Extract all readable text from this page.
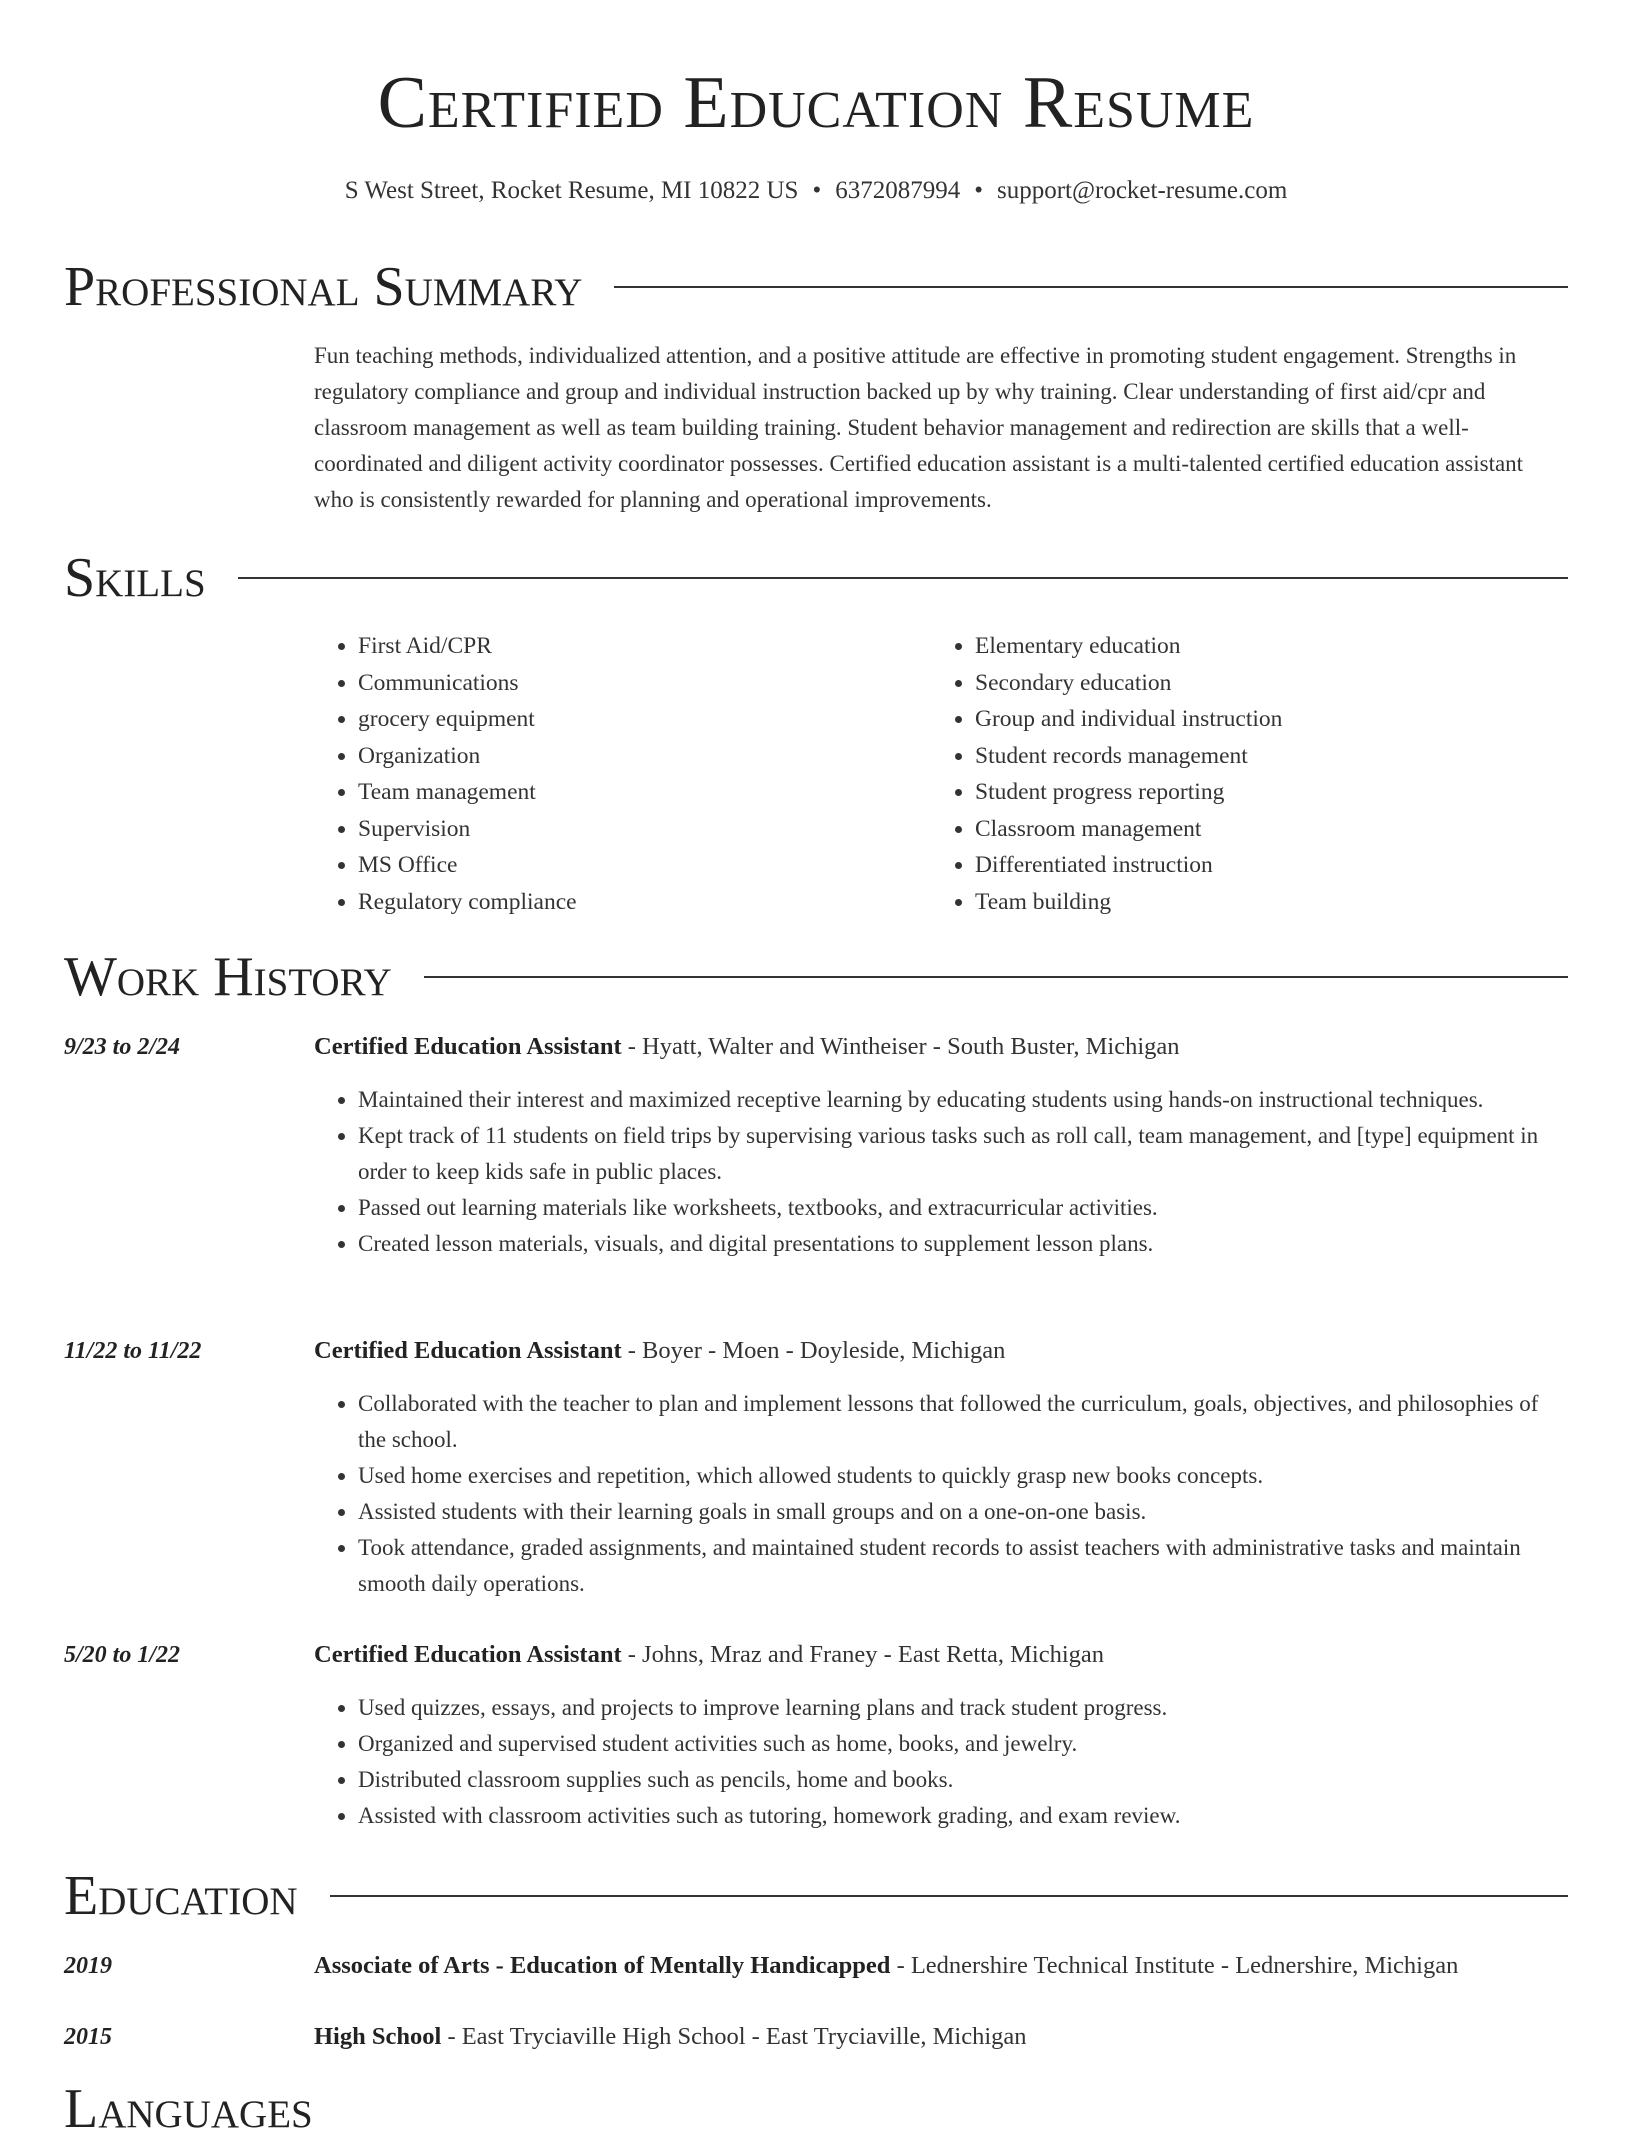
Certified Education Resume
S West Street, Rocket Resume, MI 10822 US • 6372087994 • support@rocket-resume.com
Professional Summary
Fun teaching methods, individualized attention, and a positive attitude are effective in promoting student engagement. Strengths in regulatory compliance and group and individual instruction backed up by why training. Clear understanding of first aid/cpr and classroom management as well as team building training. Student behavior management and redirection are skills that a well-coordinated and diligent activity coordinator possesses. Certified education assistant is a multi-talented certified education assistant who is consistently rewarded for planning and operational improvements.
Skills
• First Aid/CPR
• Communications
• grocery equipment
• Organization
• Team management
• Supervision
• MS Office
• Regulatory compliance
• Elementary education
• Secondary education
• Group and individual instruction
• Student records management
• Student progress reporting
• Classroom management
• Differentiated instruction
• Team building
Work History
9/23 to 2/24	Certified Education Assistant - Hyatt, Walter and Wintheiser - South Buster, Michigan
• Maintained their interest and maximized receptive learning by educating students using hands-on instructional techniques.
• Kept track of 11 students on field trips by supervising various tasks such as roll call, team management, and [type] equipment in order to keep kids safe in public places.
• Passed out learning materials like worksheets, textbooks, and extracurricular activities.
• Created lesson materials, visuals, and digital presentations to supplement lesson plans.
11/22 to 11/22	Certified Education Assistant - Boyer - Moen - Doyleside, Michigan
• Collaborated with the teacher to plan and implement lessons that followed the curriculum, goals, objectives, and philosophies of the school.
• Used home exercises and repetition, which allowed students to quickly grasp new books concepts.
• Assisted students with their learning goals in small groups and on a one-on-one basis.
• Took attendance, graded assignments, and maintained student records to assist teachers with administrative tasks and maintain smooth daily operations.
5/20 to 1/22	Certified Education Assistant - Johns, Mraz and Franey - East Retta, Michigan
• Used quizzes, essays, and projects to improve learning plans and track student progress.
• Organized and supervised student activities such as home, books, and jewelry.
• Distributed classroom supplies such as pencils, home and books.
• Assisted with classroom activities such as tutoring, homework grading, and exam review.
Education
2019	Associate of Arts - Education of Mentally Handicapped - Lednershire Technical Institute - Lednershire, Michigan
2015	High School - East Tryciaville High School - East Tryciaville, Michigan
Languages
